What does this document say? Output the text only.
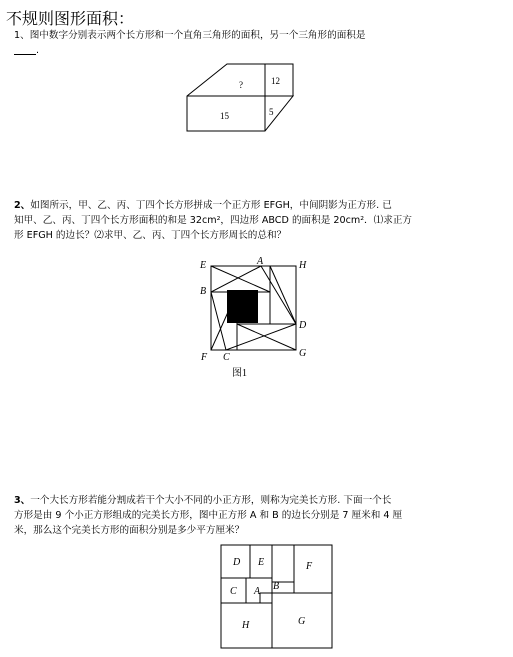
不规则图形面积：
1、图中数字分别表示两个长方形和一个直角三角形的面积，另一个三角形的面积是
.
12
?
15	5
2、如图所示，甲、乙、丙、丁四个长方形拼成一个正方形 EFGH，中间阴影为正方形. 已
知甲、乙、丙、丁四个长方形面积的和是 32cm²，四边形 ABCD 的面积是 20cm²．⑴求正方
形 EFGH 的边长？⑵求甲、乙、丙、丁四个长方形周长的总和？
E	A	H
B
D
F C	G
图1
3、一个大长方形若能分割成若干个大小不同的小正方形，则称为完美长方形. 下面一个长
方形是由 9 个小正方形组成的完美长方形，图中正方形 A 和 B 的边长分别是 7 厘米和 4 厘
米，那么这个完美长方形的面积分别是多少平方厘米？
D E	F
C A B
H	G
